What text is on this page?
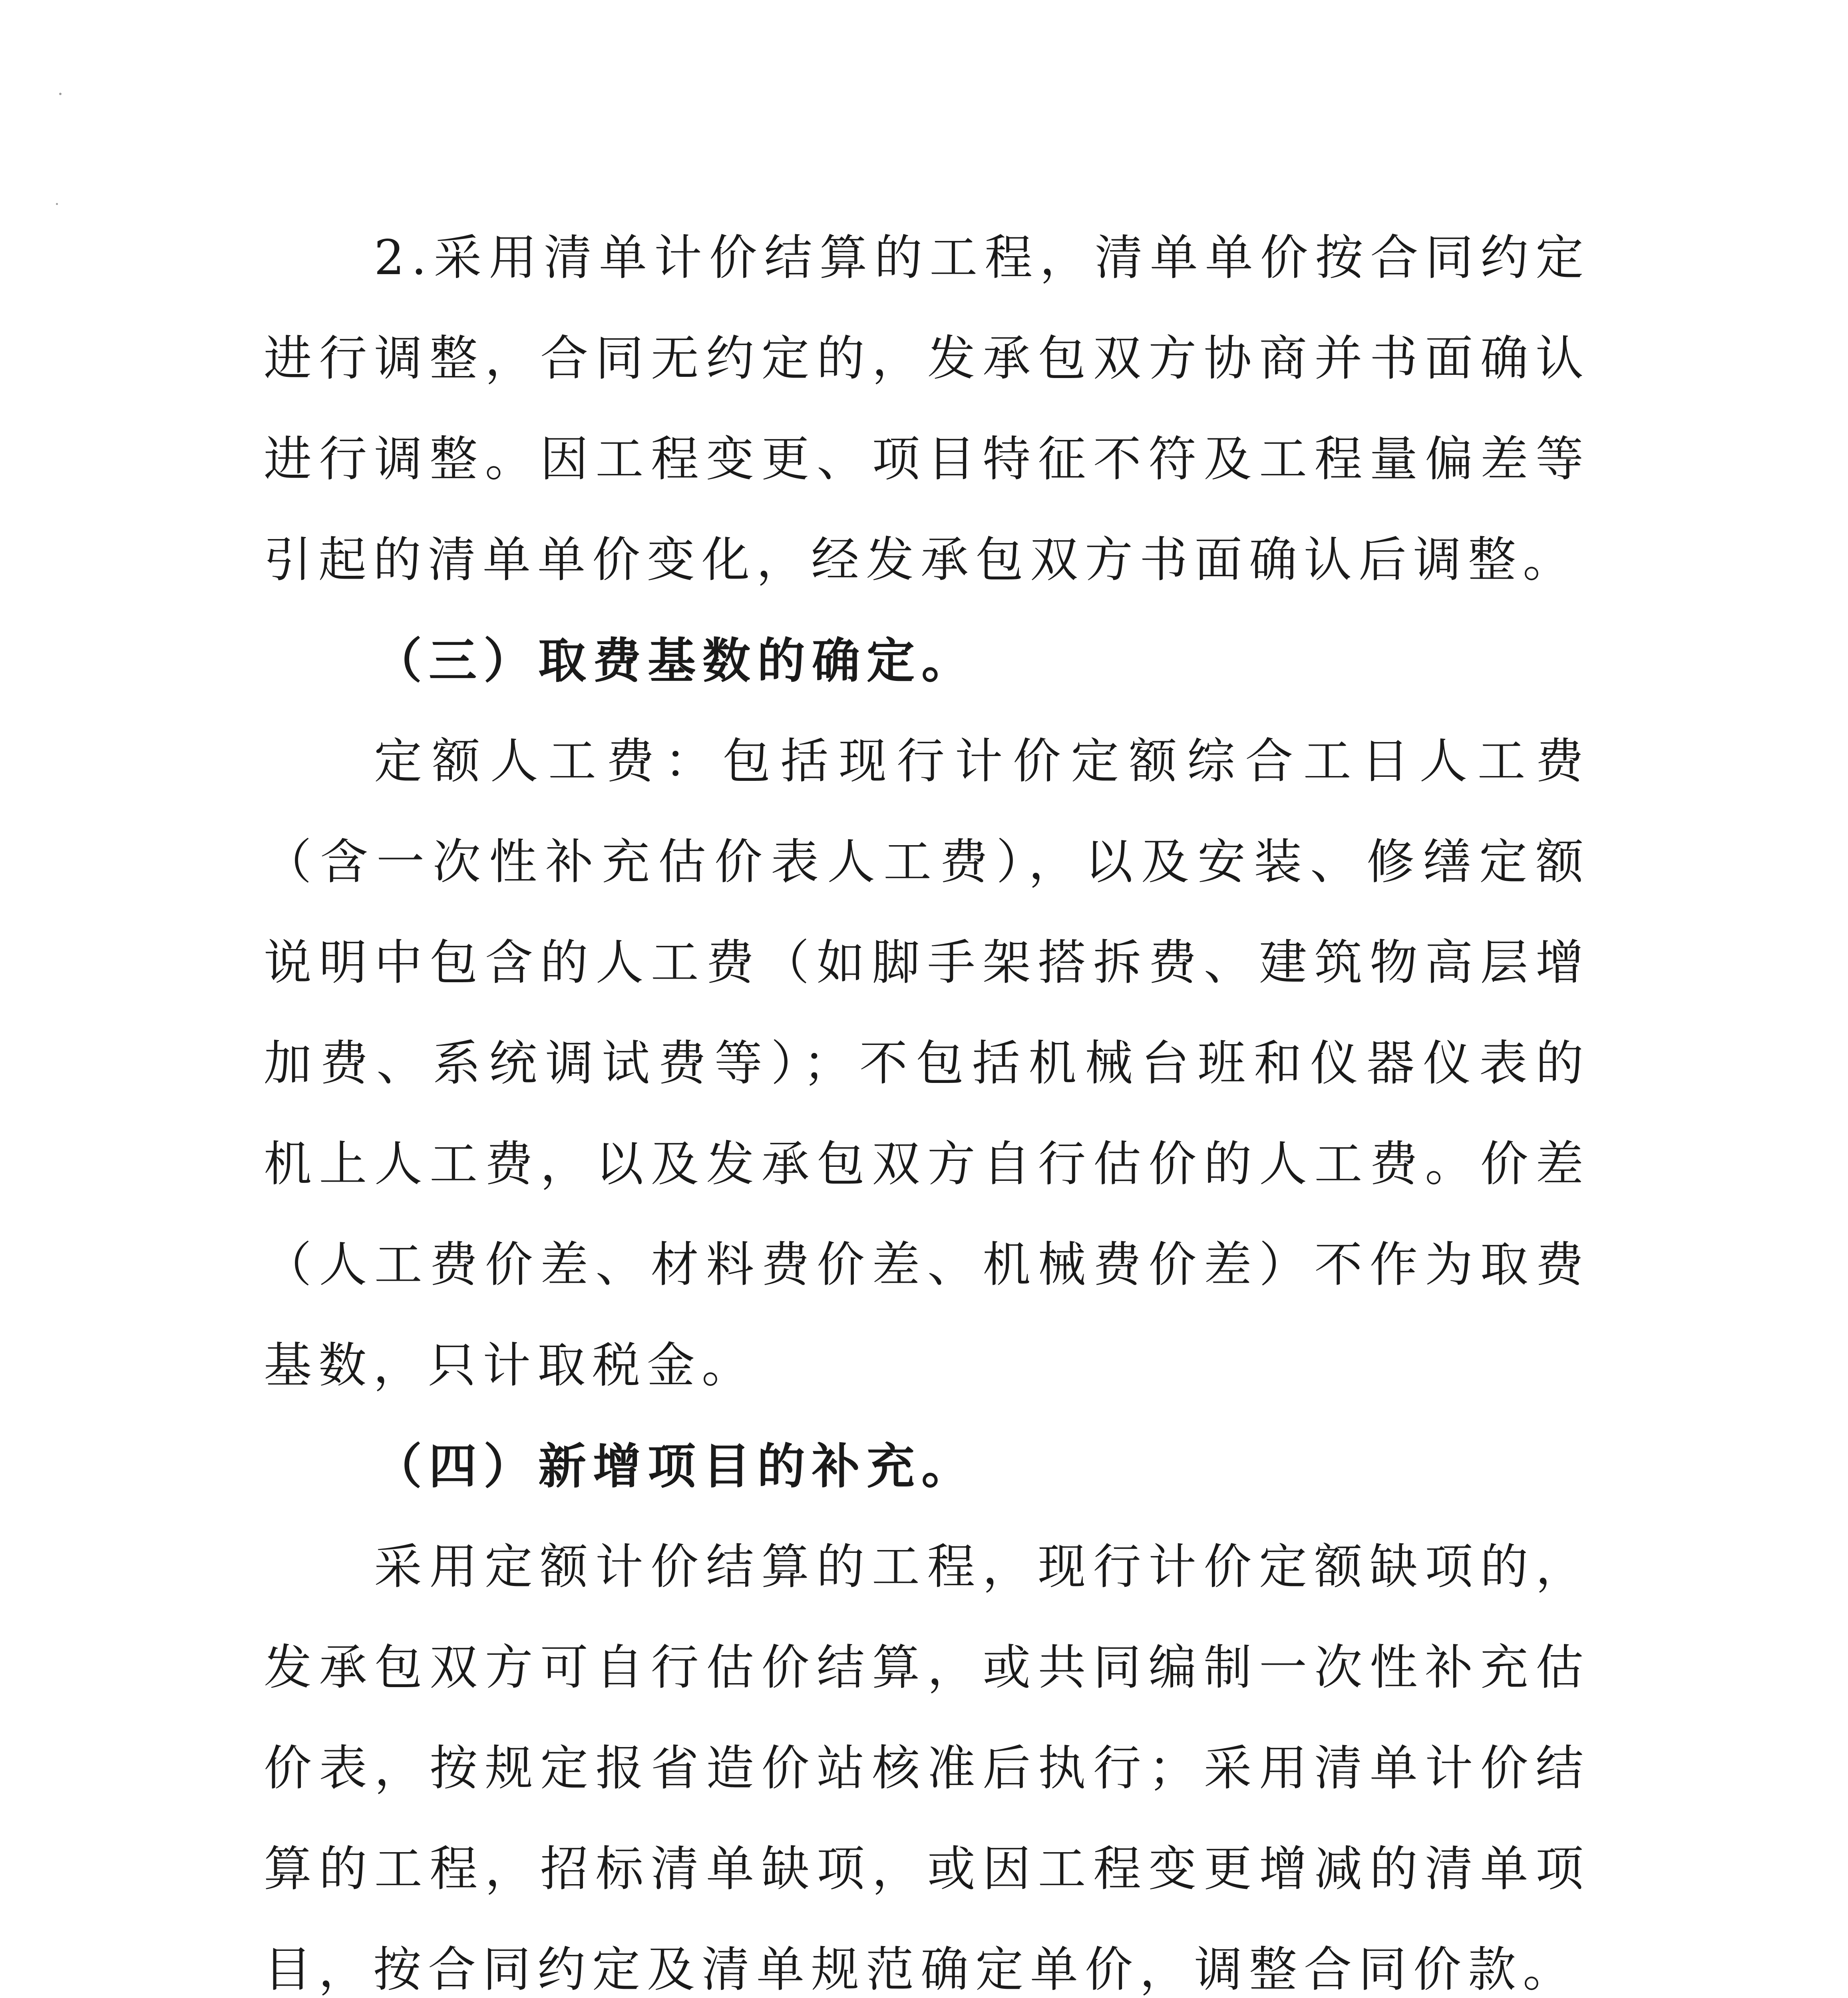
2.采用清单计价结算的工程，清单单价按合同约定进行调整，合同无约定的，发承包双方协商并书面确认进行调整。因工程变更、项目特征不符及工程量偏差等引起的清单单价变化，经发承包双方书面确认后调整。

（三）取费基数的确定。

定额人工费：包括现行计价定额综合工日人工费（含一次性补充估价表人工费），以及安装、修缮定额说明中包含的人工费（如脚手架搭拆费、建筑物高层增加费、系统调试费等）；不包括机械台班和仪器仪表的机上人工费，以及发承包双方自行估价的人工费。价差（人工费价差、材料费价差、机械费价差）不作为取费基数，只计取税金。

（四）新增项目的补充。

采用定额计价结算的工程，现行计价定额缺项的，发承包双方可自行估价结算，或共同编制一次性补充估价表，按规定报省造价站核准后执行；采用清单计价结算的工程，招标清单缺项，或因工程变更增减的清单项目，按合同约定及清单规范确定单价，调整合同价款。
